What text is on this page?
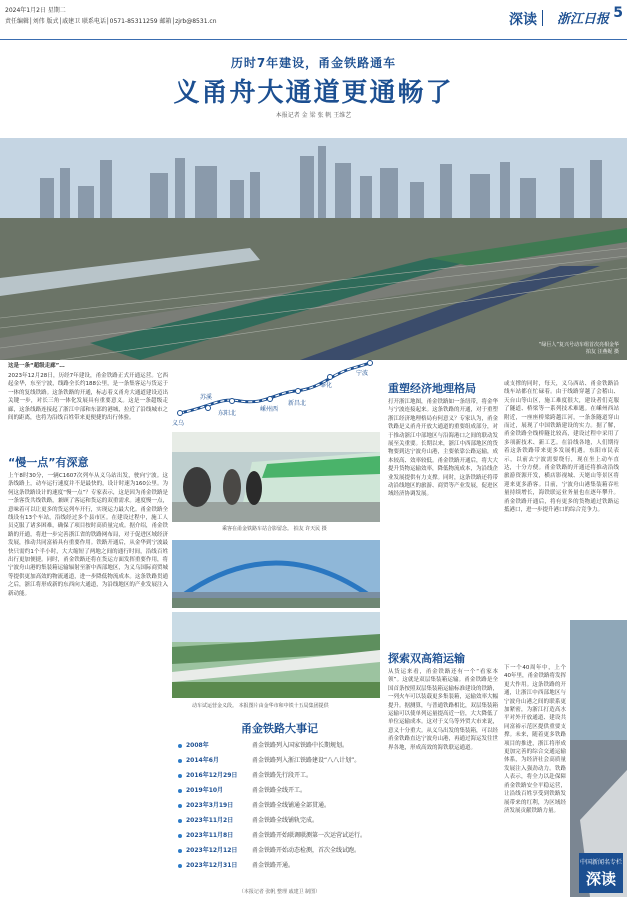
2024年1月2日 星期二
责任编辑│刘伟 版式│戚建卫 联系电话│0571-85311259 邮箱│zjrb@8531.cn	深读 浙江日报 5
历时7年建设，甬金铁路通车
义甬舟大通道更通畅了
本报记者 金 梁 张 帆 王维艺
“绿巨人”复兴号动车组首次亮相金华
拍友 汪燕妮 摄
这是一条“超级走廊”…
2023年12月28日，历经7年建设，甬金铁路正式开通运营。它西起金华，东至宁波，线路全长约188公里，是一条集客运与货运于一体的复线铁路。这条铁路的开通，标志着义甬舟大通道建设迈出关键一步，对长三角一体化发展具有重要意义。这是一条超级走廊，这条线路连接起了浙江中部和东部的港城，拉近了沿线城市之间的距离，也将为沿线百姓带来更便捷的出行体验。
“慢一点”有深意
上午8时30分，一辆C1607次列车从义乌站出发，驶向宁波。这条线路上，动车运行速度并不是最快的，设计时速为160公里。为何这条铁路设计的速度“慢一点”？专家表示，这是因为甬金铁路是一条客货共线铁路，兼顾了客运和货运的双重需求。速度慢一点，意味着可以让更多的货运列车开行，实现运力最大化。甬金铁路全线设有13个车站，沿线经过多个县市区。在建设过程中，施工人员克服了诸多困难，确保了项目按时高质量完成。据介绍，甬金铁路的开通，将进一步完善浙江省的铁路网布局，对于促进区域经济发展，推动共同富裕具有重要作用。铁路开通后，从金华到宁波最快只需约1个半小时，大大缩短了两地之间的通行时间，沿线百姓出行更加便捷。同时，甬金铁路还将在货运方面发挥重要作用，将宁波舟山港的集装箱运输辐射至浙中西部地区，为义乌国际商贸城等提供更加高效的物流通道，进一步降低物流成本。这条铁路贯通之后，浙江将形成新的东西向大通道，为沿线地区的产业发展注入新动能。
义乌
苏溪
东阳北
嵊州西
新昌北
奉化
宁波
乘客在甬金铁路车站合影留念。 拍友 许天民 摄
动车试运营金义段。 本报图片由金华市和中铁十五局集团提供
甬金铁路大事记
2008年	甬金铁路列入国家铁路中长期规划。
2014年6月	甬金铁路列入浙江铁路建设“八八计划”。
2016年12月29日 甬金铁路先行段开工。
2019年10月	甬金铁路全线开工。
2023年3月19日	甬金铁路全线铺通全部贯通。
2023年11月2日	甬金铁路全线铺轨完成。
2023年11月8日	甬金铁路开始联调联测第一次运营试运行。
2023年12月12日 甬金铁路开始动态检测，首次全线试跑。
2023年12月31日 甬金铁路开通。
（本报记者 张帆 整理 戚建卫 制图）
重塑经济地理格局
打开浙江地图，甬金铁路如一条纽带，将金华与宁波连接起来。这条铁路的开通，对于重塑浙江经济地理格局有何意义？专家认为，甬金铁路是义甬舟开放大通道的重要组成部分，对于推动浙江中部地区与沿海港口之间的联动发展至关重要。长期以来，浙江中西部地区的货物要到达宁波舟山港，主要依靠公路运输，成本较高、效率较低。甬金铁路开通后，将大大提升货物运输效率，降低物流成本，为沿线企业发展提供有力支撑。同时，这条铁路还将带动沿线地区的旅游、商贸等产业发展，促进区域经济协调发展。
探索双高箱运输
从货运来看，甬金铁路还有一个“看家本领”。这就是双层集装箱运输。甬金铁路是全国首条按照双层集装箱运输标准建设的铁路，一列火车可以装载更多集装箱，运输效率大幅提升。据测算，与普通铁路相比，双层集装箱运输可以使单列运量提高近一倍，大大降低了单位运输成本。这对于义乌等外贸大市来说，意义十分重大。从义乌出发的集装箱，可以经甬金铁路直达宁波舟山港，再通过海运发往世界各地，形成高效的海铁联运通道。
或支撑的同时，每天，义乌西站、甬金铁路沿线车站都在忙碌着。由于线路穿越了会稽山、天台山等山区，施工难度很大，建设者们克服了隧道、桥梁等一系列技术难题。在嵊州西站附近，一座座桥梁跨越江河，一条条隧道穿山而过，展现了中国铁路建设的实力。据了解，甬金铁路全线桥隧比较高，建设过程中采用了多项新技术、新工艺。在沿线各地，人们期待着这条铁路带来更多发展机遇。东阳市民表示，以前去宁波需要绕行，现在坐上动车直达，十分方便。甬金铁路的开通还将推动沿线旅游资源开发，横店影视城、天姥山等景区将迎来更多游客。目前，宁波舟山港集装箱吞吐量持续增长，海铁联运业务量也在逐年攀升。甬金铁路开通后，将有更多的货物通过铁路运抵港口，进一步提升港口的综合竞争力。
下一个40周年中，上个40年里，甬金铁路将发挥更大作用。这条铁路的开通，让浙江中西部地区与宁波舟山港之间的联系更加紧密，为浙江打造高水平对外开放通道、建设共同富裕示范区提供重要支撑。未来，随着更多铁路项目的推进，浙江将形成更加完善的综合交通运输体系，为经济社会高质量发展注入强劲动力。铁路人表示，将全力以赴保障甬金铁路安全平稳运营，让沿线百姓享受到铁路发展带来的红利，为区域经济发展贡献铁路力量。
中国新闻名专栏
深读
